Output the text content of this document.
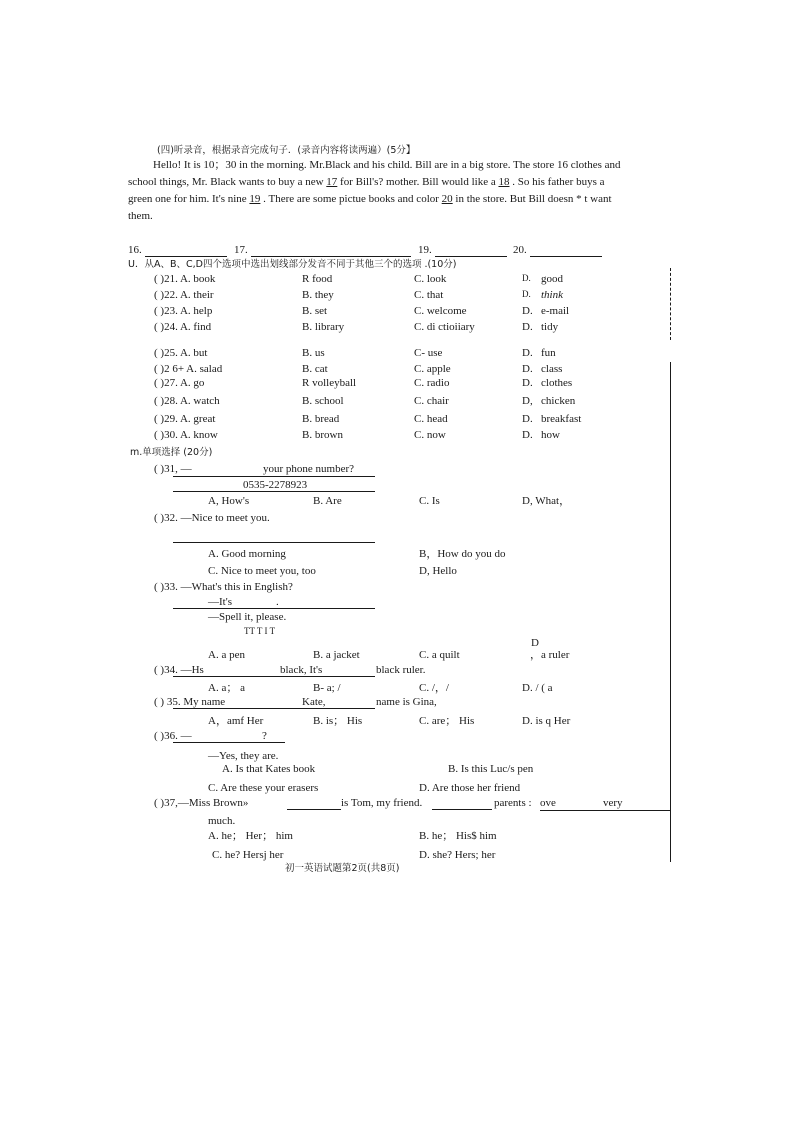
(四)听录音，根据录音完成句子．(录音内容将读两遍）(5分】
Hello! It is 10；30 in the morning. Mr.Black and his child. Bill are in a big store. The store 16 clothes and
school things, Mr. Black wants to buy a new 17 for Bill's? mother. Bill would like a 18 . So his father buys a
green one for him. It's nine 19 . There are some pictue books and color 20 in the store. But Bill doesn * t want
them.
16.	17.	19.	20.
U．从A、B、C,D四个选项中选出划线部分发音不同于其他三个的选项 .(10分)
m.单项选择 (20分)
( )31, —	your phone number?
0535-2278923
A, How's	B. Are	C. Is	D, What，
( )32. —Nice to meet you.
A. Good morning	B，How do you do
C. Nice to meet you, too	D, Hello
( )33. —What's this in English?
—It's	.
—Spell it, please.
TT T I T
D
A. a pen	B. a jacket	C. a quilt	，a ruler
( )34. —Hs	black, It's	black ruler.
A. a； a	B- a; /	C. /，/	D. / ( a
( ) 35. My name	Kate,	name is Gina,
A，amf Her	B. is； His	C. are； His	D. is q Her
( )36. —	?
—Yes, they are.
A. Is that Kates book	B. Is this Luc/s pen
C. Are these your erasers	D. Are those her friend
( )37,—Miss Brown»	is Tom, my friend.	parents : ove	very
much.
A. he； Her； him	B. he； His$ him
C. he? Hersj her	D. she? Hers; her
初一英语试题第2页(共8页)
( )21. A. book	R food	C. look	D. good
( )22. A. their	B. they	C. that	D. think
( )23. A. help	B. set	C. welcome	D. e-mail
( )24. A. find	B. library	C. di ctioiiary	D. tidy
( )25. A. but	B. us	C- use	D. fun
( )2 6+ A. salad	B. cat	C. apple	D. class
( )27. A. go	R volleyball	C. radio	D. clothes
( )28. A. watch	B. school	C. chair	D, chicken
( )29. A. great	B. bread	C. head	D. breakfast
( )30. A. know	B. brown	C. now	D. how
